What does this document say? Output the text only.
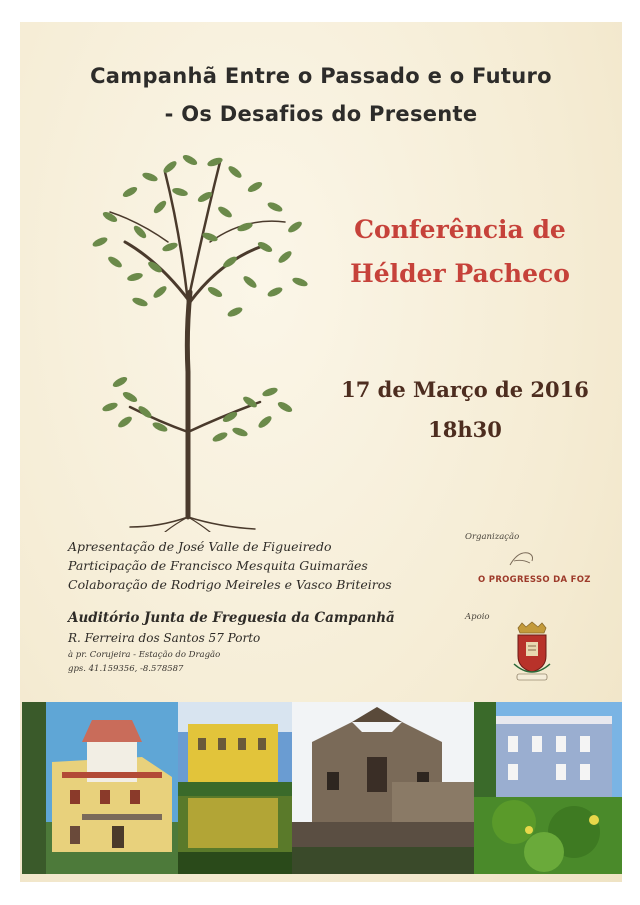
Campanhã Entre o Passado e o Futuro
- Os Desafios do Presente
Conferência de
Hélder Pacheco
17 de Março de 2016
18h30
Apresentação de José Valle de Figueiredo
Participação de Francisco Mesquita Guimarães
Colaboração de Rodrigo Meireles e Vasco Briteiros
Auditório Junta de Freguesia da Campanhã
R. Ferreira dos Santos 57 Porto
à pr. Corujeira - Estação do Dragão
gps. 41.159356, -8.578587
Organização
O PROGRESSO DA FOZ
Apoio
